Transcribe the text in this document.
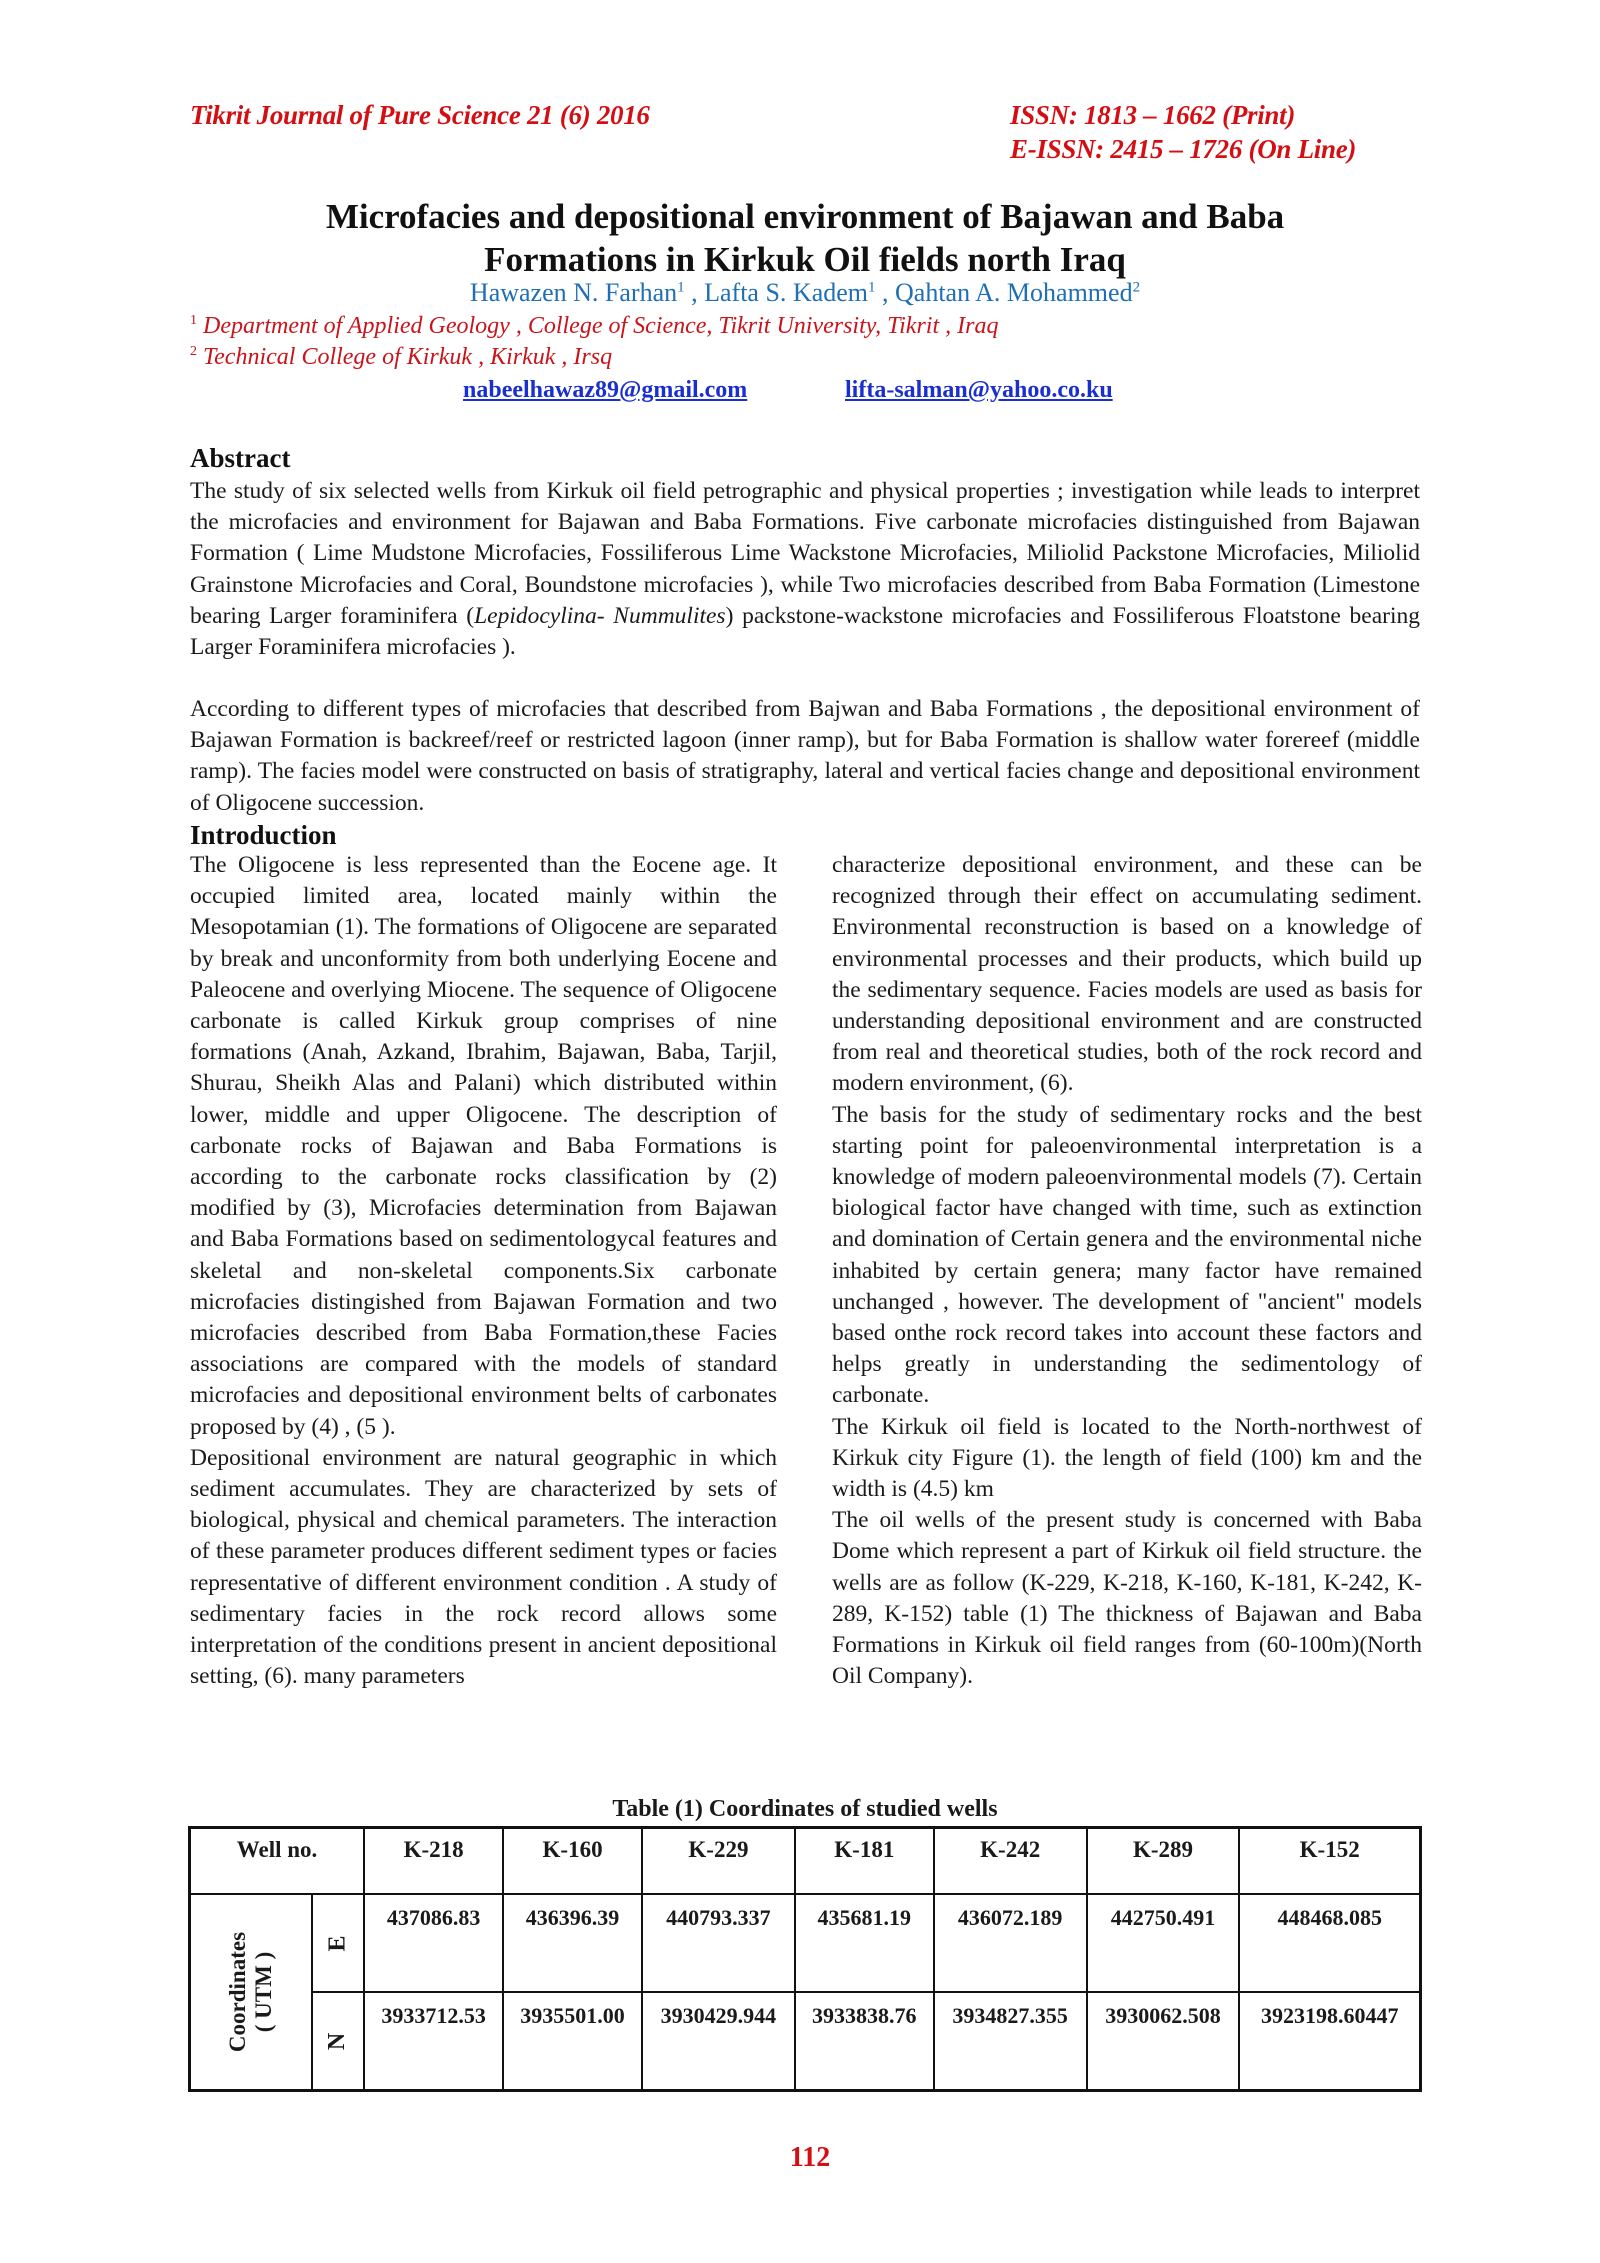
Tikrit Journal of Pure Science 21 (6) 2016	ISSN: 1813 – 1662 (Print)
E-ISSN: 2415 – 1726 (On Line)
Microfacies and depositional environment of Bajawan and Baba
Formations in Kirkuk Oil fields north Iraq
Hawazen N. Farhan$^1$ , Lafta S. Kadem$^1$ , Qahtan A. Mohammed$^2$
$^1$ Department of Applied Geology , College of Science, Tikrit University, Tikrit , Iraq
$^2$ Technical College of Kirkuk , Kirkuk , Irsq
nabeelhawaz89@gmail.com	lifta-salman@yahoo.co.ku
Abstract
The study of six selected wells from Kirkuk oil field petrographic and physical properties ; investigation while leads to interpret the microfacies and environment for Bajawan and Baba Formations. Five carbonate microfacies distinguished from Bajawan Formation ( Lime Mudstone Microfacies, Fossiliferous Lime Wackstone Microfacies, Miliolid Packstone Microfacies, Miliolid Grainstone Microfacies and Coral, Boundstone microfacies ), while Two microfacies described from Baba Formation (Limestone bearing Larger foraminifera (Lepidocylina- Nummulites) packstone-wackstone microfacies and Fossiliferous Floatstone bearing Larger Foraminifera microfacies ).
According to different types of microfacies that described from Bajwan and Baba Formations , the depositional environment of Bajawan Formation is backreef/reef or restricted lagoon (inner ramp), but for Baba Formation is shallow water forereef (middle ramp). The facies model were constructed on basis of stratigraphy, lateral and vertical facies change and depositional environment of Oligocene succession.
Introduction
The Oligocene is less represented than the Eocene age. It occupied limited area, located mainly within the Mesopotamian (1). The formations of Oligocene are separated by break and unconformity from both underlying Eocene and Paleocene and overlying Miocene. The sequence of Oligocene carbonate is called Kirkuk group comprises of nine formations (Anah, Azkand, Ibrahim, Bajawan, Baba, Tarjil, Shurau, Sheikh Alas and Palani) which distributed within lower, middle and upper Oligocene. The description of carbonate rocks of Bajawan and Baba Formations is according to the carbonate rocks classification by (2) modified by (3), Microfacies determination from Bajawan and Baba Formations based on sedimentologycal features and skeletal and non-skeletal components.Six carbonate microfacies distingished from Bajawan Formation and two microfacies described from Baba Formation,these Facies associations are compared with the models of standard microfacies and depositional environment belts of carbonates proposed by (4) , (5 ).
Depositional environment are natural geographic in which sediment accumulates. They are characterized by sets of biological, physical and chemical parameters. The interaction of these parameter produces different sediment types or facies representative of different environment condition . A study of sedimentary facies in the rock record allows some interpretation of the conditions present in ancient depositional setting, (6). many parameters
characterize depositional environment, and these can be recognized through their effect on accumulating sediment. Environmental reconstruction is based on a knowledge of environmental processes and their products, which build up the sedimentary sequence. Facies models are used as basis for understanding depositional environment and are constructed from real and theoretical studies, both of the rock record and modern environment, (6).
The basis for the study of sedimentary rocks and the best starting point for paleoenvironmental interpretation is a knowledge of modern paleoenvironmental models (7). Certain biological factor have changed with time, such as extinction and domination of Certain genera and the environmental niche inhabited by certain genera; many factor have remained unchanged , however. The development of "ancient" models based onthe rock record takes into account these factors and helps greatly in understanding the sedimentology of carbonate.
The Kirkuk oil field is located to the North-northwest of Kirkuk city Figure (1). the length of field (100) km and the width is (4.5) km
The oil wells of the present study is concerned with Baba Dome which represent a part of Kirkuk oil field structure. the wells are as follow (K-229, K-218, K-160, K-181, K-242, K-289, K-152) table (1) The thickness of Bajawan and Baba Formations in Kirkuk oil field ranges from (60-100m)(North Oil Company).
Table (1) Coordinates of studied wells
Well no.		K-218	K-160	K-229	K-181	K-242	K-289	K-152
Coordinates
( UTM )	E	437086.83	436396.39	440793.337	435681.19	436072.189	442750.491	448468.085
	N	3933712.53	3935501.00	3930429.944	3933838.76	3934827.355	3930062.508	3923198.60447
112
